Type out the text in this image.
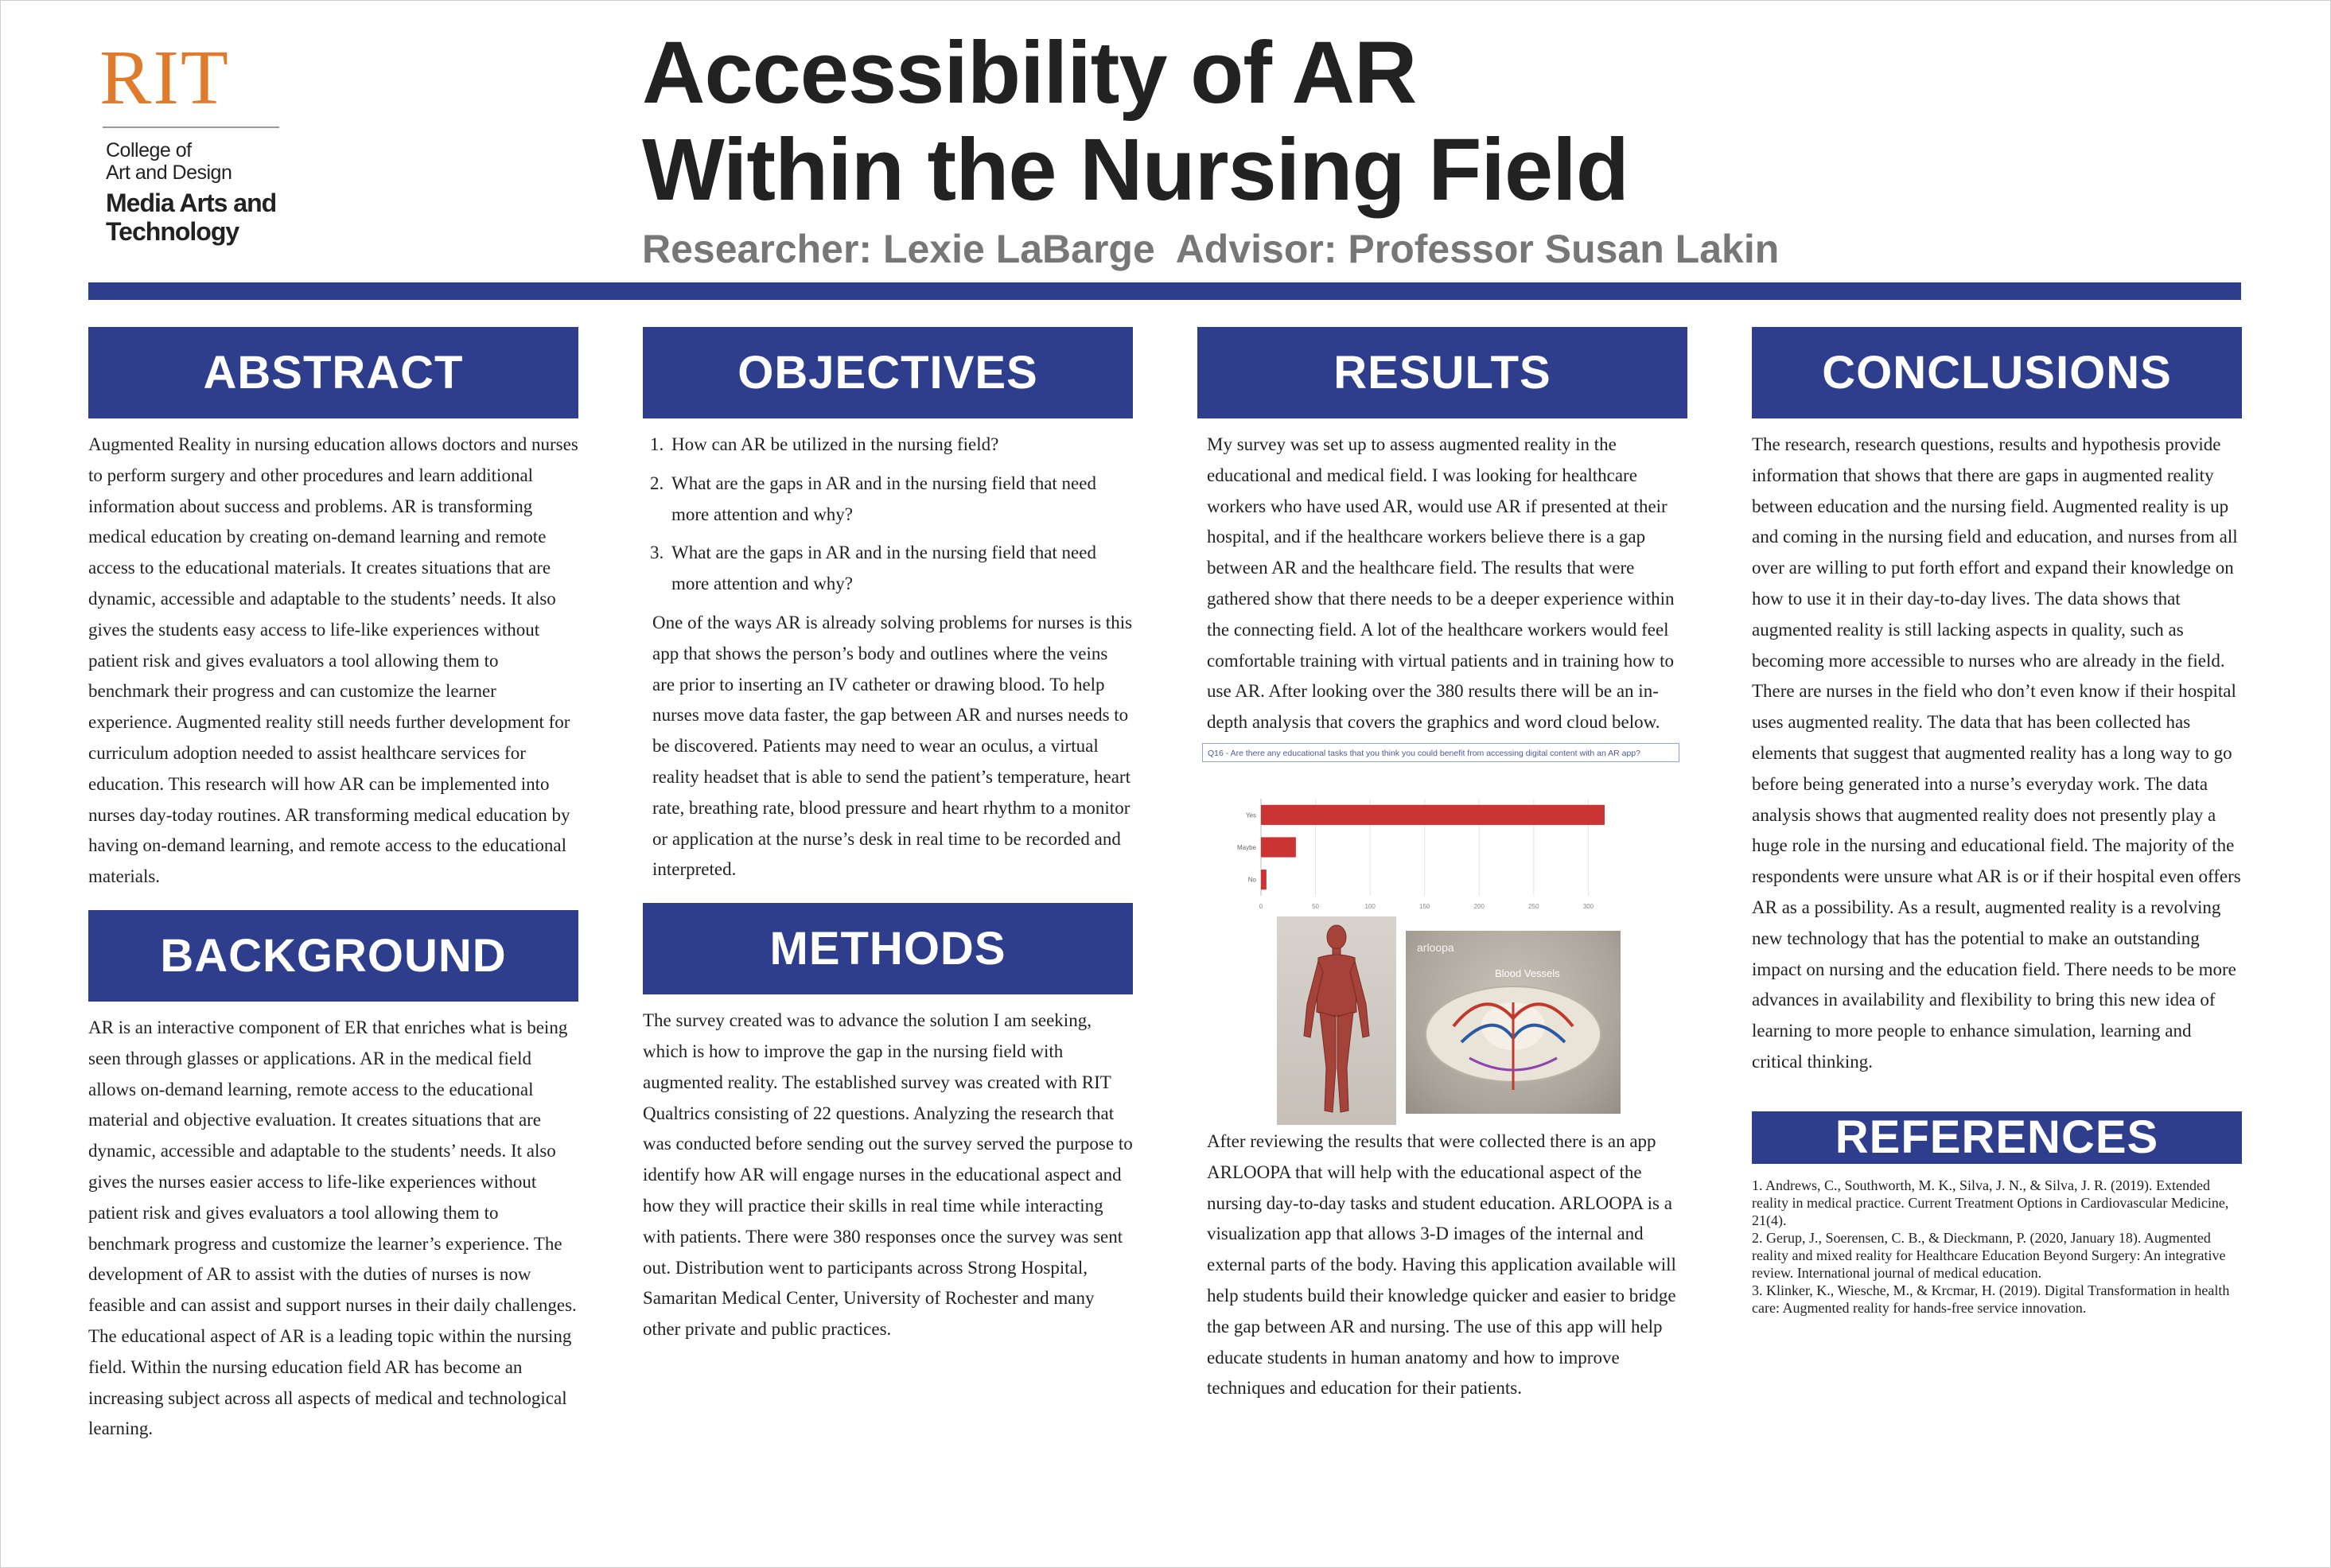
RIT
College of
Art and Design
Media Arts and
Technology
Accessibility of AR
Within the Nursing Field
Researcher: Lexie LaBarge  Advisor: Professor Susan Lakin
ABSTRACT

Augmented Reality in nursing education allows doctors and nurses to perform surgery and other procedures and learn additional information about success and problems. AR is transforming medical education by creating on-demand learning and remote access to the educational materials. It creates situations that are dynamic, accessible and adaptable to the students’ needs. It also gives the students easy access to life-like experiences without patient risk and gives evaluators a tool allowing them to benchmark their progress and can customize the learner experience. Augmented reality still needs further development for curriculum adoption needed to assist healthcare services for education. This research will how AR can be implemented into nurses day-today routines. AR transforming medical education by having on-demand learning, and remote access to the educational materials.

BACKGROUND

AR is an interactive component of ER that enriches what is being seen through glasses or applications. AR in the medical field allows on-demand learning, remote access to the educational material and objective evaluation. It creates situations that are dynamic, accessible and adaptable to the students’ needs. It also gives the nurses easier access to life-like experiences without patient risk and gives evaluators a tool allowing them to benchmark progress and customize the learner’s experience. The development of AR to assist with the duties of nurses is now feasible and can assist and support nurses in their daily challenges. The educational aspect of AR is a leading topic within the nursing field. Within the nursing education field AR has become an increasing subject across all aspects of medical and technological learning.

OBJECTIVES
1. How can AR be utilized in the nursing field?
2. What are the gaps in AR and in the nursing field that need more attention and why?
3. What are the gaps in AR and in the nursing field that need more attention and why?

One of the ways AR is already solving problems for nurses is this app that shows the person’s body and outlines where the veins are prior to inserting an IV catheter or drawing blood. To help nurses move data faster, the gap between AR and nurses needs to be discovered. Patients may need to wear an oculus, a virtual reality headset that is able to send the patient’s temperature, heart rate, breathing rate, blood pressure and heart rhythm to a monitor or application at the nurse’s desk in real time to be recorded and interpreted.

METHODS

The survey created was to advance the solution I am seeking, which is how to improve the gap in the nursing field with augmented reality. The established survey was created with RIT Qualtrics consisting of 22 questions. Analyzing the research that was conducted before sending out the survey served the purpose to identify how AR will engage nurses in the educational aspect and how they will practice their skills in real time while interacting with patients. There were 380 responses once the survey was sent out. Distribution went to participants across Strong Hospital, Samaritan Medical Center, University of Rochester and many other private and public practices.

RESULTS

My survey was set up to assess augmented reality in the educational and medical field. I was looking for healthcare workers who have used AR, would use AR if presented at their hospital, and if the healthcare workers believe there is a gap between AR and the healthcare field. The results that were gathered show that there needs to be a deeper experience within the connecting field. A lot of the healthcare workers would feel comfortable training with virtual patients and in training how to use AR. After looking over the 380 results there will be an in-depth analysis that covers the graphics and word cloud below.

Q16 - Are there any educational tasks that you think you could benefit from accessing digital content with an AR app?
0	50	100	150	200	250	300
Yes
Maybe
No
arloopa
Blood Vessels

After reviewing the results that were collected there is an app ARLOOPA that will help with the educational aspect of the nursing day-to-day tasks and student education. ARLOOPA is a visualization app that allows 3-D images of the internal and external parts of the body. Having this application available will help students build their knowledge quicker and easier to bridge the gap between AR and nursing. The use of this app will help educate students in human anatomy and how to improve techniques and education for their patients.

CONCLUSIONS

The research, research questions, results and hypothesis provide information that shows that there are gaps in augmented reality between education and the nursing field. Augmented reality is up and coming in the nursing field and education, and nurses from all over are willing to put forth effort and expand their knowledge on how to use it in their day-to-day lives. The data shows that augmented reality is still lacking aspects in quality, such as becoming more accessible to nurses who are already in the field. There are nurses in the field who don’t even know if their hospital uses augmented reality. The data that has been collected has elements that suggest that augmented reality has a long way to go before being generated into a nurse’s everyday work. The data analysis shows that augmented reality does not presently play a huge role in the nursing and educational field. The majority of the respondents were unsure what AR is or if their hospital even offers AR as a possibility. As a result, augmented reality is a revolving new technology that has the potential to make an outstanding impact on nursing and the education field. There needs to be more advances in availability and flexibility to bring this new idea of learning to more people to enhance simulation, learning and critical thinking.

REFERENCES

1. Andrews, C., Southworth, M. K., Silva, J. N., & Silva, J. R. (2019). Extended reality in medical practice. Current Treatment Options in Cardiovascular Medicine, 21(4).

2. Gerup, J., Soerensen, C. B., & Dieckmann, P. (2020, January 18). Augmented reality and mixed reality for Healthcare Education Beyond Surgery: An integrative review. International journal of medical education.

3. Klinker, K., Wiesche, M., & Krcmar, H. (2019). Digital Transformation in health care: Augmented reality for hands-free service innovation.
